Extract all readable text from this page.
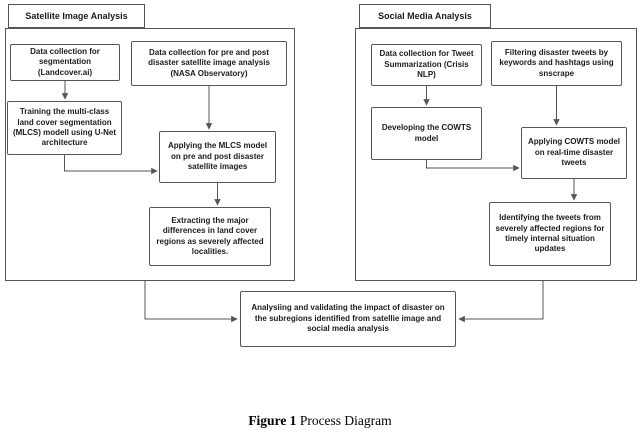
Satellite Image Analysis
Data collection for segmentation (Landcover.ai)
Data collection for pre and post disaster satellite image analysis (NASA Observatory)
Training the multi-class land cover segmentation (MLCS) modell using U-Net architecture	Applying the MLCS model on pre and post disaster satellite images
Extracting the major differences in land cover regions as severely affected localities.
Social Media Analysis
Data collection for Tweet Summarization (Crisis NLP)
Filtering disaster tweets by keywords and hashtags using snscrape
Developing the COWTS model	Applying COWTS model on real-time disaster tweets
Identifying the tweets from severely affected regions for timely internal situation updates
Analysiing and validating the impact of disaster on the subregions identified from satellie image and social media analysis
Figure 1 Process Diagram
